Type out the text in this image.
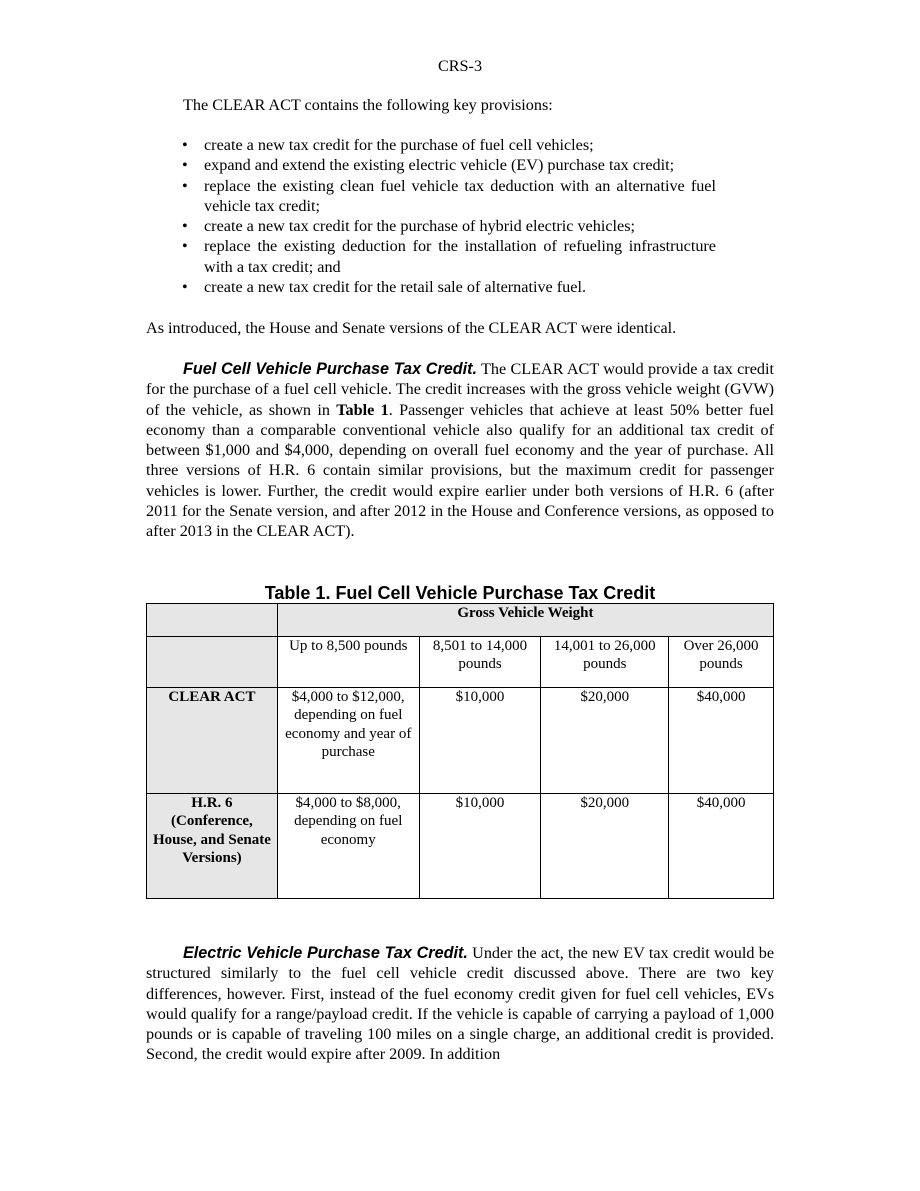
CRS-3
The CLEAR ACT contains the following key provisions:
• create a new tax credit for the purchase of fuel cell vehicles;
• expand and extend the existing electric vehicle (EV) purchase tax credit;
• replace the existing clean fuel vehicle tax deduction with an alternative fuel vehicle tax credit;
• create a new tax credit for the purchase of hybrid electric vehicles;
• replace the existing deduction for the installation of refueling infrastructure with a tax credit; and
• create a new tax credit for the retail sale of alternative fuel.
As introduced, the House and Senate versions of the CLEAR ACT were identical.
Fuel Cell Vehicle Purchase Tax Credit. The CLEAR ACT would provide a tax credit for the purchase of a fuel cell vehicle. The credit increases with the gross vehicle weight (GVW) of the vehicle, as shown in Table 1. Passenger vehicles that achieve at least 50% better fuel economy than a comparable conventional vehicle also qualify for an additional tax credit of between $1,000 and $4,000, depending on overall fuel economy and the year of purchase. All three versions of H.R. 6 contain similar provisions, but the maximum credit for passenger vehicles is lower. Further, the credit would expire earlier under both versions of H.R. 6 (after 2011 for the Senate version, and after 2012 in the House and Conference versions, as opposed to after 2013 in the CLEAR ACT).
Table 1. Fuel Cell Vehicle Purchase Tax Credit
	Gross Vehicle Weight			
	Up to 8,500 pounds	8,501 to 14,000 pounds	14,001 to 26,000 pounds	Over 26,000 pounds
CLEAR ACT	$4,000 to $12,000, depending on fuel economy and year of purchase	$10,000	$20,000	$40,000
H.R. 6 (Conference, House, and Senate Versions)	$4,000 to $8,000, depending on fuel economy	$10,000	$20,000	$40,000
Electric Vehicle Purchase Tax Credit. Under the act, the new EV tax credit would be structured similarly to the fuel cell vehicle credit discussed above. There are two key differences, however. First, instead of the fuel economy credit given for fuel cell vehicles, EVs would qualify for a range/payload credit. If the vehicle is capable of carrying a payload of 1,000 pounds or is capable of traveling 100 miles on a single charge, an additional credit is provided. Second, the credit would expire after 2009. In addition
